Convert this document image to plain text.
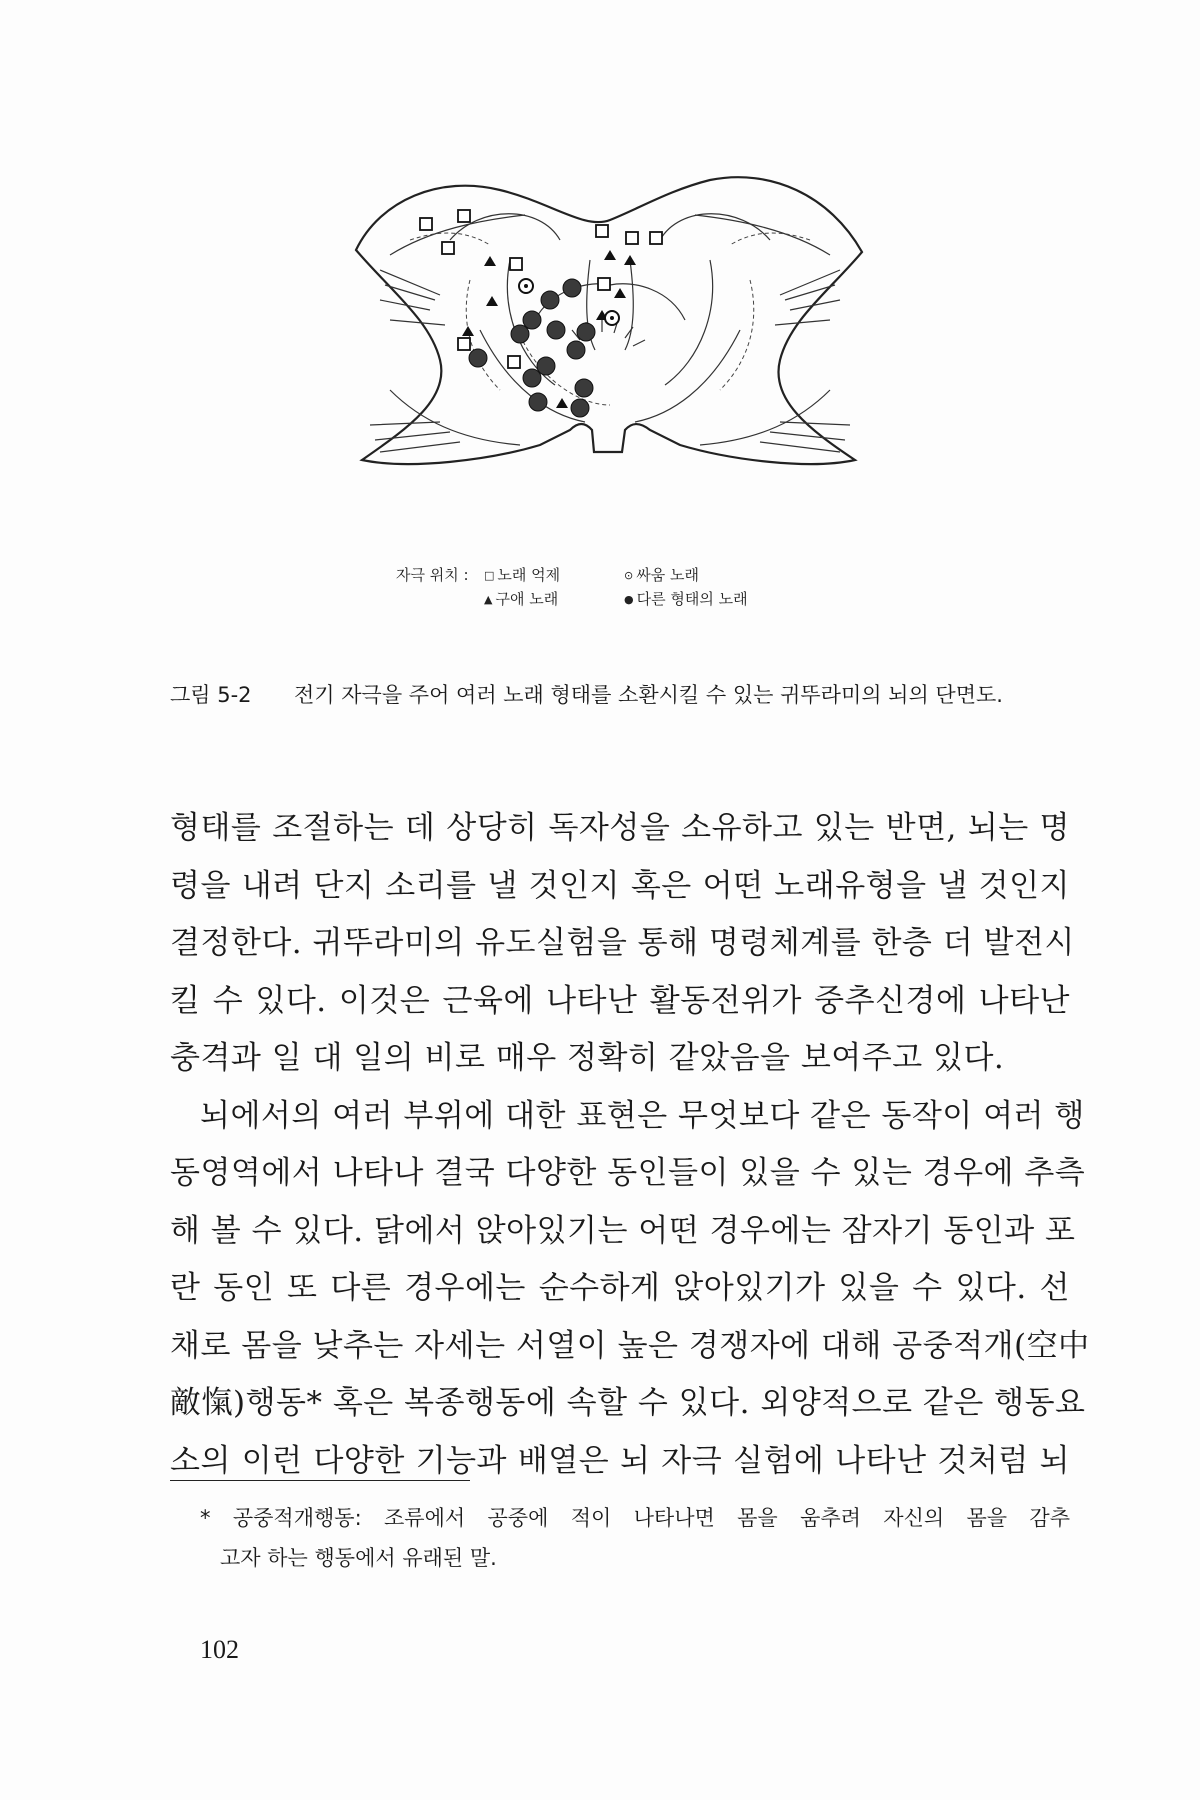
자극 위치 : □ 노래 억제
▲ 구애 노래
⊙ 싸움 노래
● 다른 형태의 노래
그림 5-2 전기 자극을 주어 여러 노래 형태를 소환시킬 수 있는 귀뚜라미의 뇌의 단면도.
형태를 조절하는 데 상당히 독자성을 소유하고 있는 반면, 뇌는 명
령을 내려 단지 소리를 낼 것인지 혹은 어떤 노래유형을 낼 것인지
결정한다. 귀뚜라미의 유도실험을 통해 명령체계를 한층 더 발전시
킬 수 있다. 이것은 근육에 나타난 활동전위가 중추신경에 나타난
충격과 일 대 일의 비로 매우 정확히 같았음을 보여주고 있다.
뇌에서의 여러 부위에 대한 표현은 무엇보다 같은 동작이 여러 행
동영역에서 나타나 결국 다양한 동인들이 있을 수 있는 경우에 추측
해 볼 수 있다. 닭에서 앉아있기는 어떤 경우에는 잠자기 동인과 포
란 동인 또 다른 경우에는 순수하게 앉아있기가 있을 수 있다. 선
채로 몸을 낮추는 자세는 서열이 높은 경쟁자에 대해 공중적개(空中
敵愾)행동* 혹은 복종행동에 속할 수 있다. 외양적으로 같은 행동요
소의 이런 다양한 기능과 배열은 뇌 자극 실험에 나타난 것처럼 뇌
* 공중적개행동: 조류에서 공중에 적이 나타나면 몸을 움추려 자신의 몸을 감추
고자 하는 행동에서 유래된 말.
102
